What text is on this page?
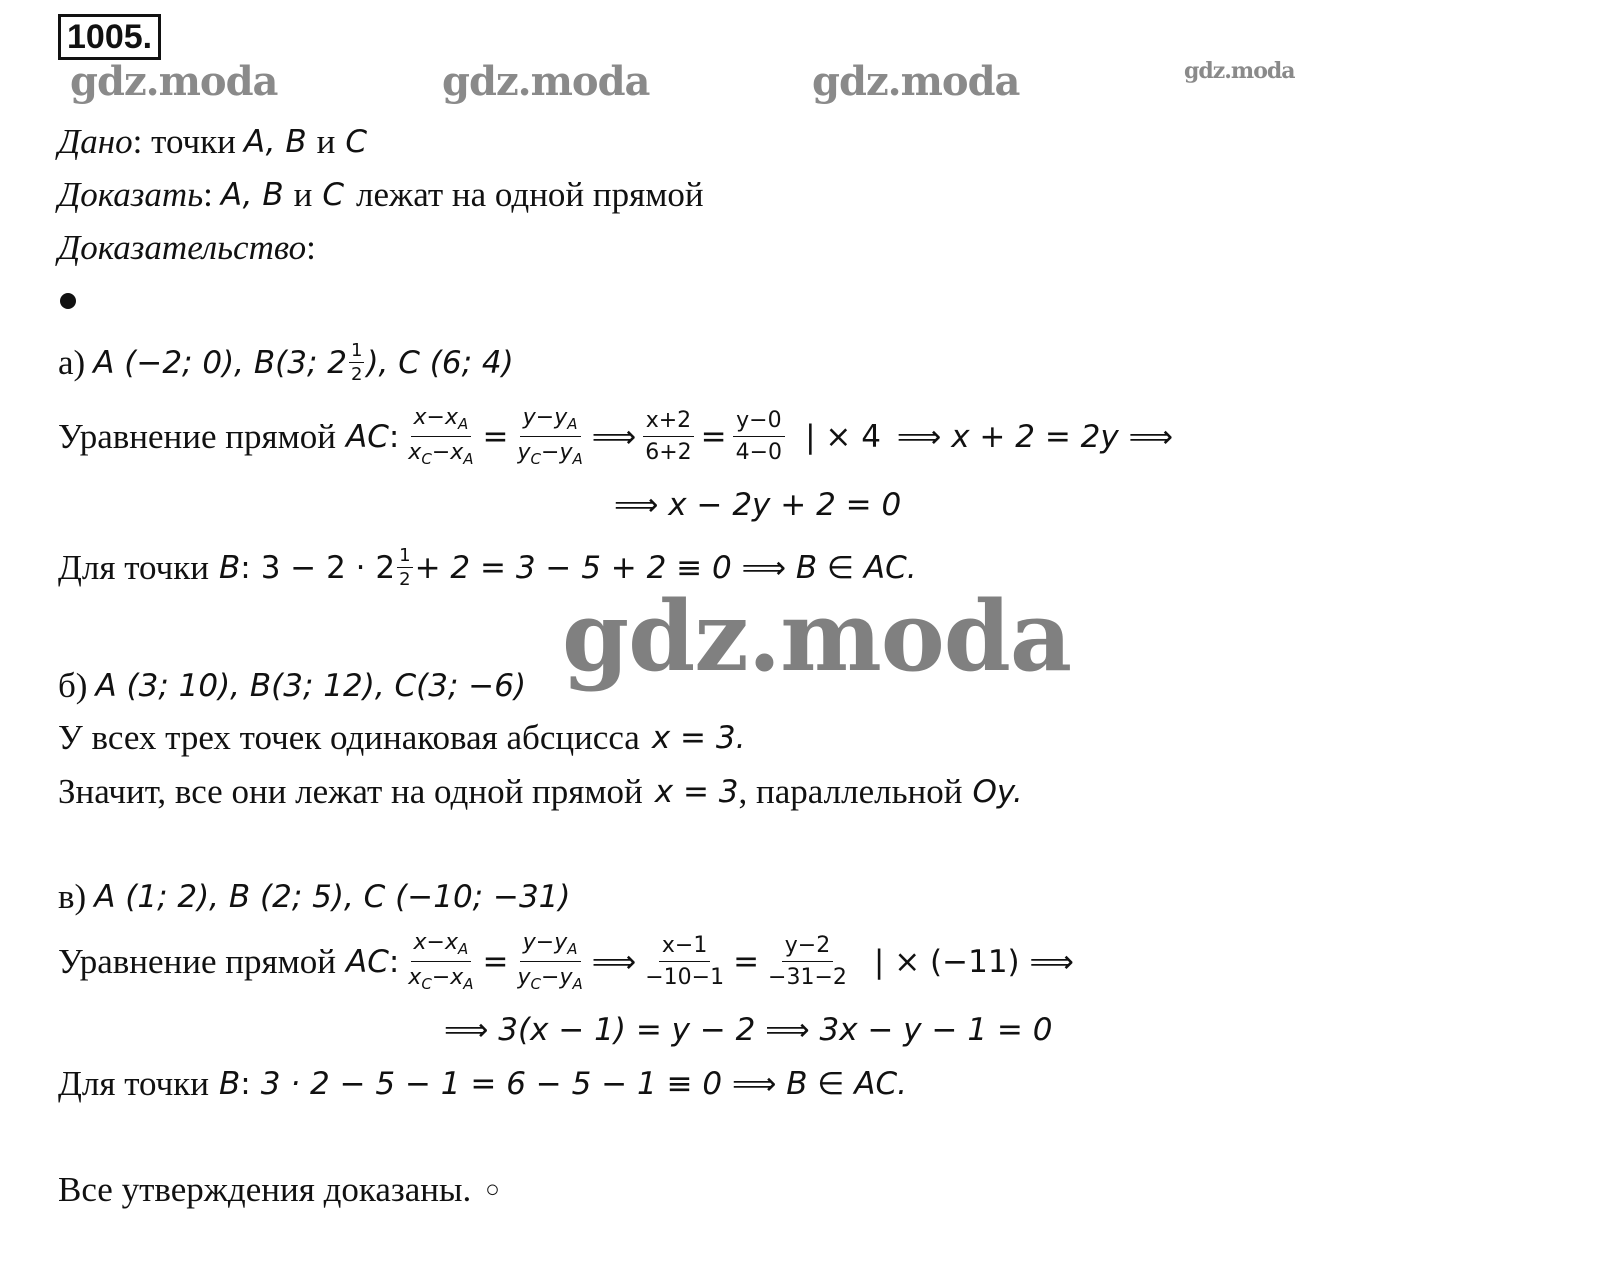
1005.
gdz.moda	gdz.moda	gdz.moda	gdz.moda
Дано : точки A, B и C
Доказать : A, B и C лежат на одной прямой
Доказательство :
а) A (−2; 0), B(3; $2 \frac{1}{2}$ ), C (6; 4)
Уравнение прямой AC : $\frac{x-x_A}{x_C-x_A} = \frac{y-y_A}{y_C-y_A}$ ⟹ $\frac{x+2}{6+2} = \frac{y-0}{4-0}$ | × 4 ⟹ x + 2 = 2y ⟹
⟹ x − 2y + 2 = 0
Для точки B : $3 - 2 \cdot 2 \frac{1}{2} + 2 = 3 - 5 + 2 \equiv 0$ ⟹ B ∈ AC.
gdz.moda
б) A (3; 10), B(3; 12), C(3; −6)
У всех трех точек одинаковая абсцисса x = 3.
Значит, все они лежат на одной прямой x = 3 , параллельной Oy.
в) A (1; 2), B (2; 5), C (−10; −31)
Уравнение прямой AC : $\frac{x-x_A}{x_C-x_A} = \frac{y-y_A}{y_C-y_A}$ ⟹ $\frac{x-1}{-10-1} = \frac{y-2}{-31-2}$ | × (−11) ⟹
⟹ 3(x − 1) = y − 2 ⟹ 3x − y − 1 = 0
Для точки B : 3 · 2 − 5 − 1 = 6 − 5 − 1 ≡ 0 ⟹ B ∈ AC.
Все утверждения доказаны. ○
